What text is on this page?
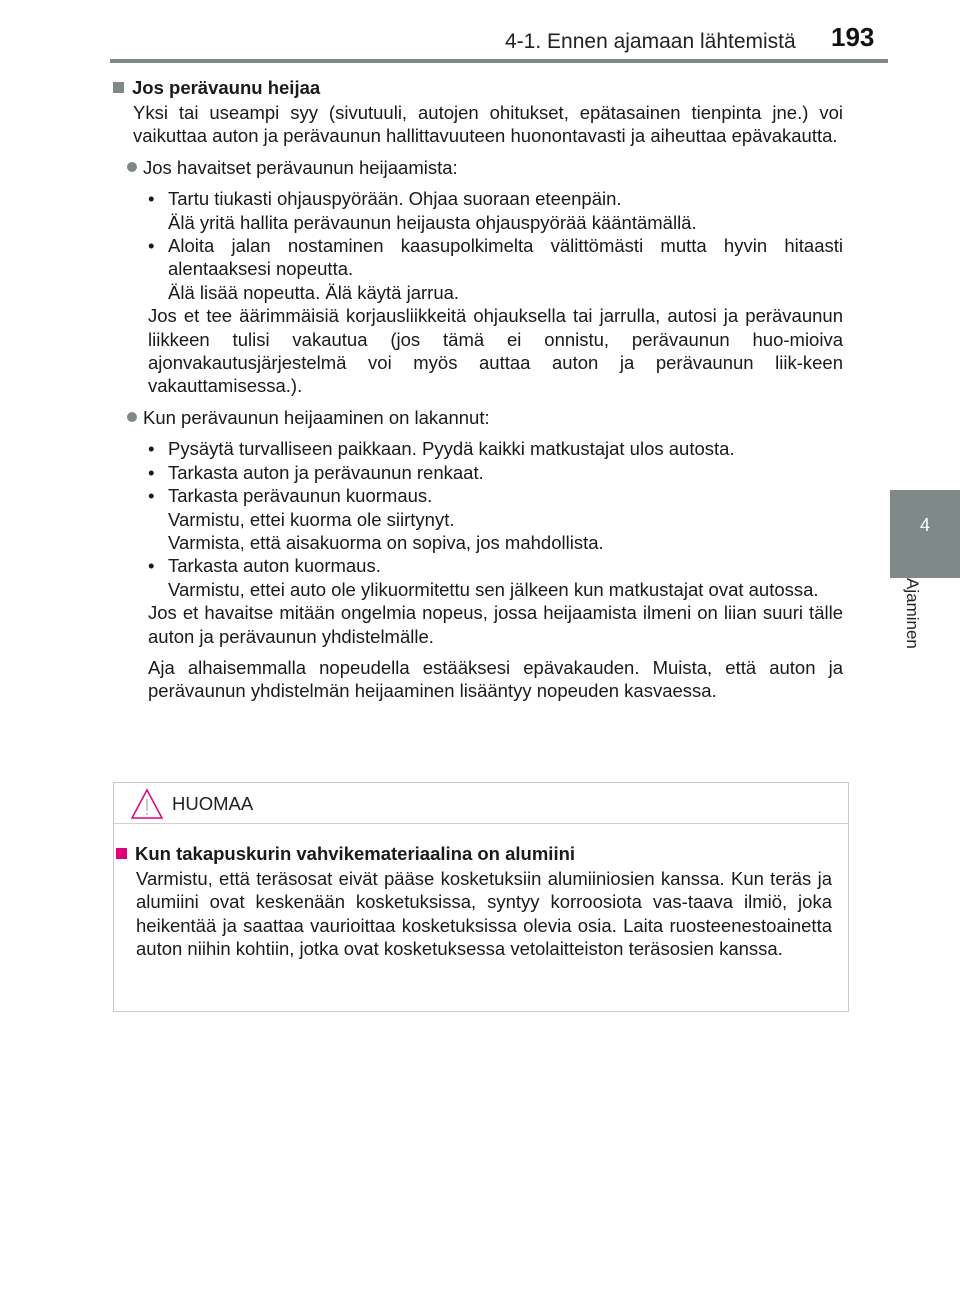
4-1. Ennen ajamaan lähtemistä 193
4
Ajaminen

Jos perävaunu heijaa

Yksi tai useampi syy (sivutuuli, autojen ohitukset, epätasainen tienpinta jne.) voi vaikuttaa auton ja perävaunun hallittavuuteen huonontavasti ja aiheuttaa epävakautta.

Jos havaitset perävaunun heijaamista:
• Tartu tiukasti ohjauspyörään. Ohjaa suoraan eteenpäin.
Älä yritä hallita perävaunun heijausta ohjauspyörää kääntämällä.
• Aloita jalan nostaminen kaasupolkimelta välittömästi mutta hyvin hitaasti alentaaksesi nopeutta.
Älä lisää nopeutta. Älä käytä jarrua.

Jos et tee äärimmäisiä korjausliikkeitä ohjauksella tai jarrulla, autosi ja perävaunun liikkeen tulisi vakautua (jos tämä ei onnistu, perävaunun huo-mioiva ajonvakautusjärjestelmä voi myös auttaa auton ja perävaunun liik-keen vakauttamisessa.).

Kun perävaunun heijaaminen on lakannut:
• Pysäytä turvalliseen paikkaan. Pyydä kaikki matkustajat ulos autosta.
• Tarkasta auton ja perävaunun renkaat.
• Tarkasta perävaunun kuormaus.
Varmistu, ettei kuorma ole siirtynyt.
Varmista, että aisakuorma on sopiva, jos mahdollista.
• Tarkasta auton kuormaus.
Varmistu, ettei auto ole ylikuormitettu sen jälkeen kun matkustajat ovat autossa.

Jos et havaitse mitään ongelmia nopeus, jossa heijaamista ilmeni on liian suuri tälle auton ja perävaunun yhdistelmälle.

Aja alhaisemmalla nopeudella estääksesi epävakauden. Muista, että auton ja perävaunun yhdistelmän heijaaminen lisääntyy nopeuden kasvaessa.

HUOMAA

Kun takapuskurin vahvikemateriaalina on alumiini

Varmistu, että teräsosat eivät pääse kosketuksiin alumiiniosien kanssa. Kun teräs ja alumiini ovat keskenään kosketuksissa, syntyy korroosiota vas-taava ilmiö, joka heikentää ja saattaa vaurioittaa kosketuksissa olevia osia. Laita ruosteenestoainetta auton niihin kohtiin, jotka ovat kosketuksessa vetolaitteiston teräsosien kanssa.
